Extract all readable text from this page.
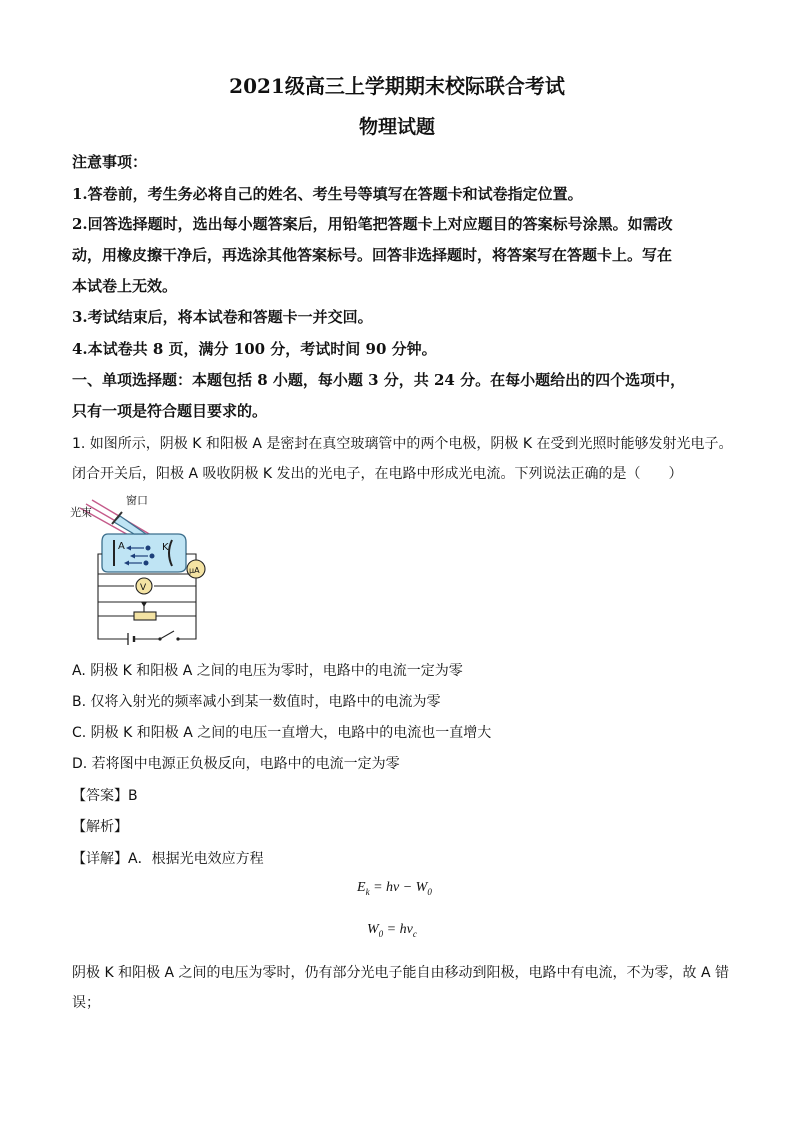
2021级高三上学期期末校际联合考试
物理试题
注意事项：
1.答卷前，考生务必将自己的姓名、考生号等填写在答题卡和试卷指定位置。
2.回答选择题时，选出每小题答案后，用铅笔把答题卡上对应题目的答案标号涂黑。如需改
动，用橡皮擦干净后，再选涂其他答案标号。回答非选择题时，将答案写在答题卡上。写在
本试卷上无效。
3.考试结束后，将本试卷和答题卡一并交回。
4.本试卷共 8 页，满分 100 分，考试时间 90 分钟。
一、单项选择题：本题包括 8 小题，每小题 3 分，共 24 分。在每小题给出的四个选项中，
只有一项是符合题目要求的。
1. 如图所示，阴极 K 和阳极 A 是密封在真空玻璃管中的两个电极，阴极 K 在受到光照时能够发射光电子。
闭合开关后，阳极 A 吸收阴极 K 发出的光电子，在电路中形成光电流。下列说法正确的是（　　）
光束
窗口
A	K
μA
V
A. 阴极 K 和阳极 A 之间的电压为零时，电路中的电流一定为零
B. 仅将入射光的频率减小到某一数值时，电路中的电流为零
C. 阴极 K 和阳极 A 之间的电压一直增大，电路中的电流也一直增大
D. 若将图中电源正负极反向，电路中的电流一定为零
【答案】B
【解析】
【详解】A．根据光电效应方程
$E_k = h\nu - W_0$
$W_0 = h\nu_c$
阴极 K 和阳极 A 之间的电压为零时，仍有部分光电子能自由移动到阳极，电路中有电流，不为零，故 A 错
误；
